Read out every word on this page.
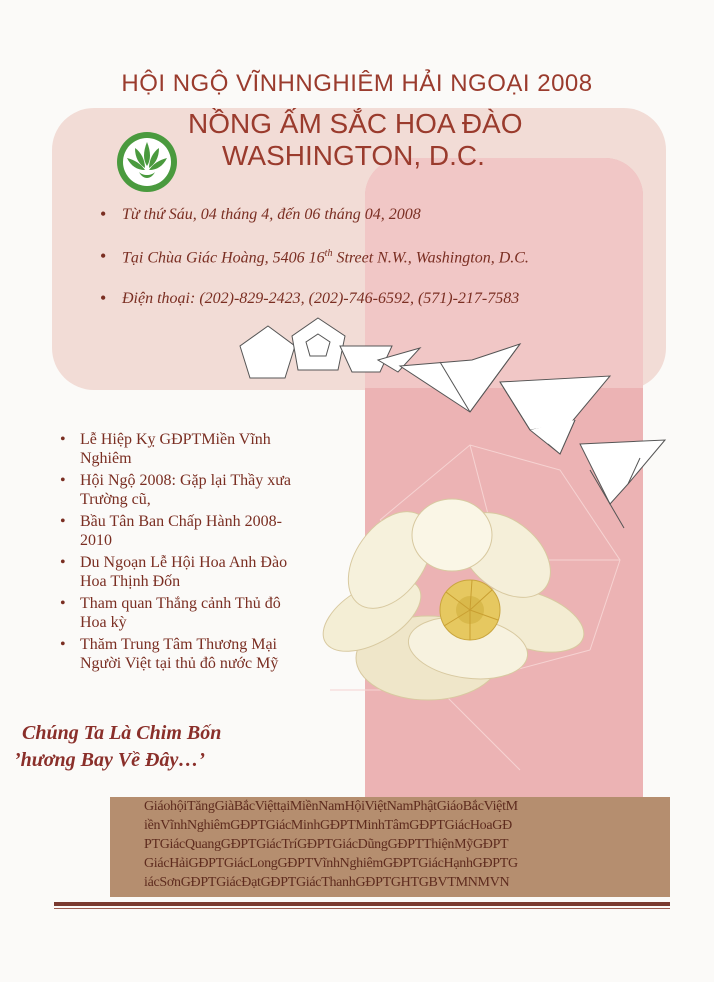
HỘI NGỘ VĨNHNGHIÊM HẢI NGOẠI 2008
NỒNG ẤM SẮC HOA ĐÀO
WASHINGTON, D.C.
• Từ thứ Sáu, 04 tháng 4, đến 06 tháng 04, 2008
• Tại Chùa Giác Hoàng, 5406 16th Street N.W., Washington, D.C.
• Điện thoại: (202)-829-2423, (202)-746-6592, (571)-217-7583
• Lễ Hiệp Kỵ GĐPTMiền Vĩnh Nghiêm
• Hội Ngộ 2008: Gặp lại Thầy xưa Trường cũ,
• Bầu Tân Ban Chấp Hành 2008-2010
• Du Ngoạn Lễ Hội Hoa Anh Đào Hoa Thịnh Đốn
• Tham quan Thắng cảnh Thủ đô Hoa kỳ
• Thăm Trung Tâm Thương Mại Người Việt tại thủ đô nước Mỹ
Chúng Ta Là Chim Bốn
’hương Bay Về Đây…’
GiáohộiTăngGiàBắcViệttạiMiềnNamHộiViệtNamPhậtGiáoBắcViệtM
iềnVĩnhNghiêmGĐPTGiácMinhGĐPTMinhTâmGĐPTGiácHoaGĐ
PTGiácQuangGĐPTGiácTríGĐPTGiácDũngGĐPTThiệnMỹGĐPT
GiácHảiGĐPTGiácLongGĐPTVĩnhNghiêmGĐPTGiácHạnhGĐPTG
iácSơnGĐPTGiácĐạtGĐPTGiácThanhGĐPTGHTGBVTMNMVN
